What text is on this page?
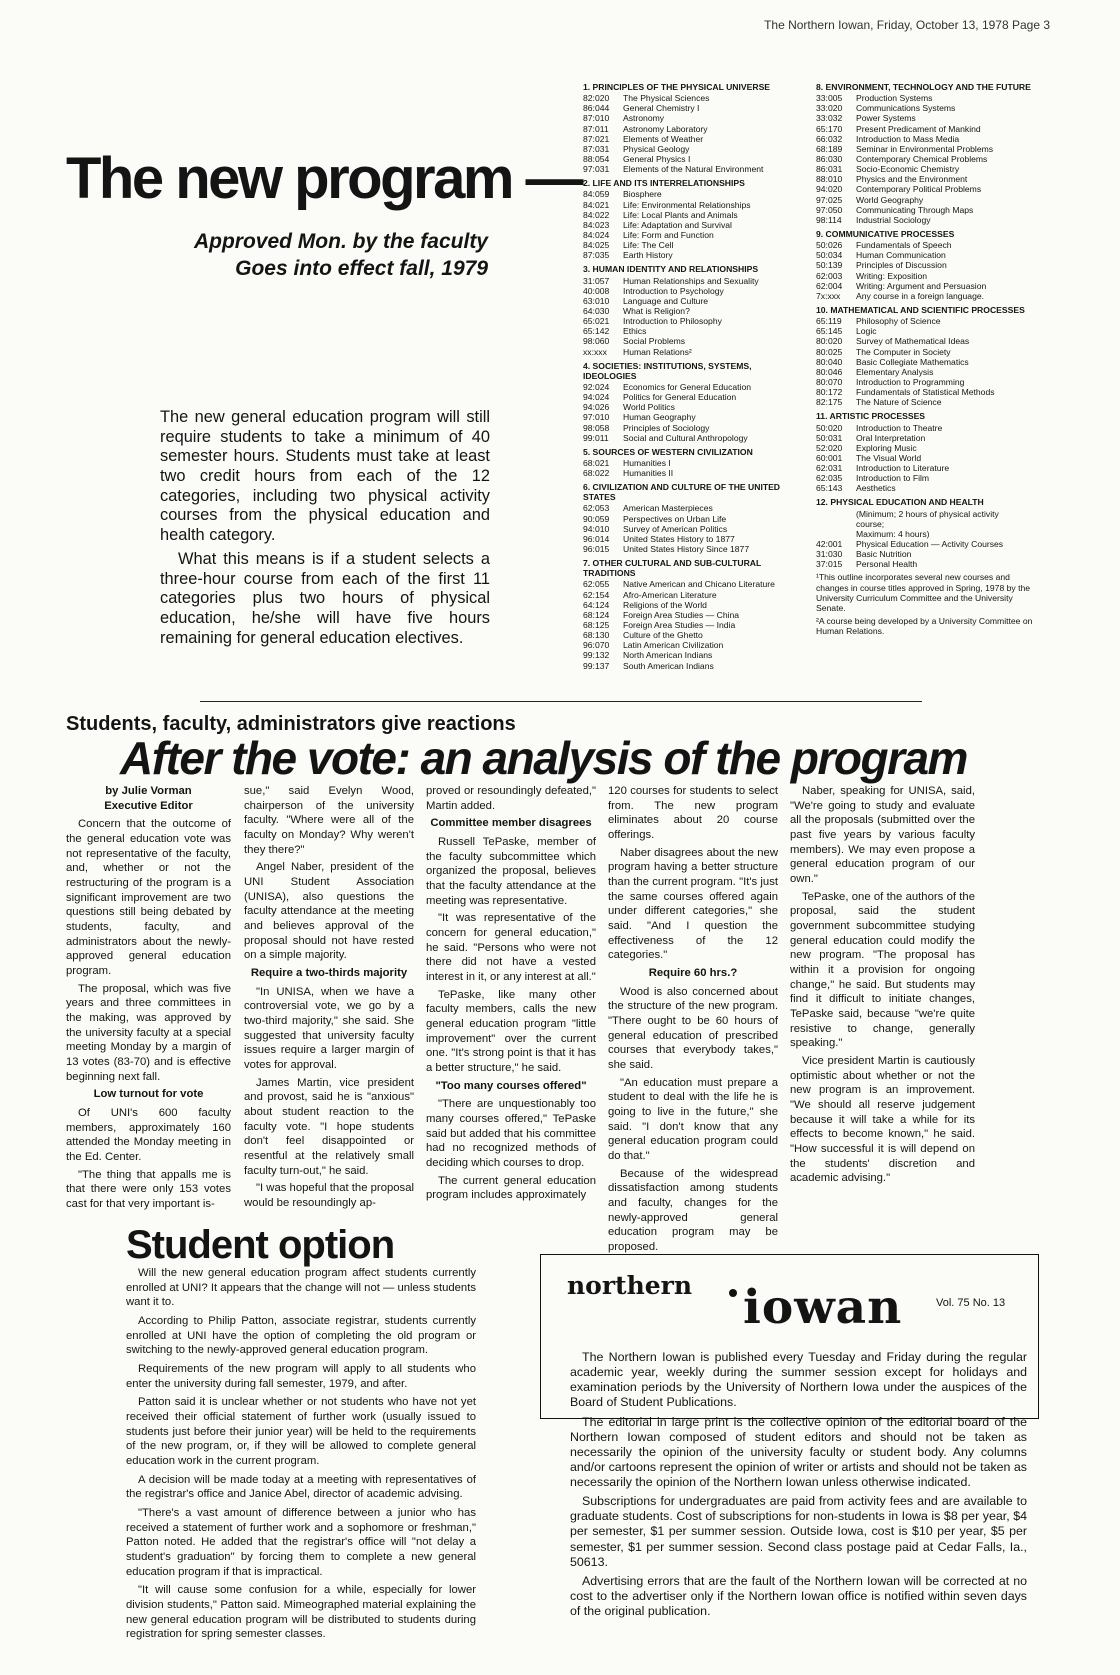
The Northern Iowan, Friday, October 13, 1978 Page 3
The new program —
Approved Mon. by the faculty
Goes into effect fall, 1979

The new general education program will still require students to take a minimum of 40 semester hours. Students must take at least two credit hours from each of the 12 categories, including two physical activity courses from the physical education and health category.

What this means is if a student selects a three-hour course from each of the first 11 categories plus two hours of physical education, he/she will have five hours remaining for general education electives.

1. PRINCIPLES OF THE PHYSICAL UNIVERSE
82:020	The Physical Sciences
86:044	General Chemistry I
87:010	Astronomy
87:011	Astronomy Laboratory
87:021	Elements of Weather
87:031	Physical Geology
88:054	General Physics I
97:031	Elements of the Natural Environment
2. LIFE AND ITS INTERRELATIONSHIPS
84:059	Biosphere
84:021	Life: Environmental Relationships
84:022	Life: Local Plants and Animals
84:023	Life: Adaptation and Survival
84:024	Life: Form and Function
84:025	Life: The Cell
87:035	Earth History
3. HUMAN IDENTITY AND RELATIONSHIPS
31:057	Human Relationships and Sexuality
40:008	Introduction to Psychology
63:010	Language and Culture
64:030	What is Religion?
65:021	Introduction to Philosophy
65:142	Ethics
98:060	Social Problems
xx:xxx	Human Relations²
4. SOCIETIES: INSTITUTIONS, SYSTEMS, IDEOLOGIES
92:024	Economics for General Education
94:024	Politics for General Education
94:026	World Politics
97:010	Human Geography
98:058	Principles of Sociology
99:011	Social and Cultural Anthropology
5. SOURCES OF WESTERN CIVILIZATION
68:021	Humanities I
68:022	Humanities II
6. CIVILIZATION AND CULTURE OF THE UNITED STATES
62:053	American Masterpieces
90:059	Perspectives on Urban Life
94:010	Survey of American Politics
96:014	United States History to 1877
96:015	United States History Since 1877
7. OTHER CULTURAL AND SUB-CULTURAL TRADITIONS
62:055	Native American and Chicano Literature
62:154	Afro-American Literature
64:124	Religions of the World
68:124	Foreign Area Studies — China
68:125	Foreign Area Studies — India
68:130	Culture of the Ghetto
96:070	Latin American Civilization
99:132	North American Indians
99:137	South American Indians
8. ENVIRONMENT, TECHNOLOGY AND THE FUTURE
33:005	Production Systems
33:020	Communications Systems
33:032	Power Systems
65:170	Present Predicament of Mankind
66:032	Introduction to Mass Media
68:189	Seminar in Environmental Problems
86:030	Contemporary Chemical Problems
86:031	Socio-Economic Chemistry
88:010	Physics and the Environment
94:020	Contemporary Political Problems
97:025	World Geography
97:050	Communicating Through Maps
98:114	Industrial Sociology
9. COMMUNICATIVE PROCESSES
50:026	Fundamentals of Speech
50:034	Human Communication
50:139	Principles of Discussion
62:003	Writing: Exposition
62:004	Writing: Argument and Persuasion
7x:xxx	Any course in a foreign language.
10. MATHEMATICAL AND SCIENTIFIC PROCESSES
65:119	Philosophy of Science
65:145	Logic
80:020	Survey of Mathematical Ideas
80:025	The Computer in Society
80:040	Basic Collegiate Mathematics
80:046	Elementary Analysis
80:070	Introduction to Programming
80:172	Fundamentals of Statistical Methods
82:175	The Nature of Science
11. ARTISTIC PROCESSES
50:020	Introduction to Theatre
50:031	Oral Interpretation
52:020	Exploring Music
60:001	The Visual World
62:031	Introduction to Literature
62:035	Introduction to Film
65:143	Aesthetics
12. PHYSICAL EDUCATION AND HEALTH
(Minimum; 2 hours of physical activity
course;
Maximum: 4 hours)
42:001	Physical Education — Activity Courses
31:030	Basic Nutrition
37:015	Personal Health
¹This outline incorporates several new courses and changes in course titles approved in Spring, 1978 by the University Curriculum Committee and the University Senate.
²A course being developed by a University Committee on Human Relations.
Students, faculty, administrators give reactions
After the vote: an analysis of the program

by Julie Vorman

Executive Editor

Concern that the outcome of the general education vote was not representative of the faculty, and, whether or not the restructuring of the program is a significant improvement are two questions still being debated by students, faculty, and administrators about the newly-approved general education program.

The proposal, which was five years and three committees in the making, was approved by the university faculty at a special meeting Monday by a margin of 13 votes (83-70) and is effective beginning next fall.

Low turnout for vote

Of UNI's 600 faculty members, approximately 160 attended the Monday meeting in the Ed. Center.

"The thing that appalls me is that there were only 153 votes cast for that very important is-

sue," said Evelyn Wood, chairperson of the university faculty. "Where were all of the faculty on Monday? Why weren't they there?"

Angel Naber, president of the UNI Student Association (UNISA), also questions the faculty attendance at the meeting and believes approval of the proposal should not have rested on a simple majority.

Require a two-thirds majority

"In UNISA, when we have a controversial vote, we go by a two-third majority," she said. She suggested that university faculty issues require a larger margin of votes for approval.

James Martin, vice president and provost, said he is "anxious" about student reaction to the faculty vote. "I hope students don't feel disappointed or resentful at the relatively small faculty turn-out," he said.

"I was hopeful that the proposal would be resoundingly ap-

proved or resoundingly defeated," Martin added.

Committee member disagrees

Russell TePaske, member of the faculty subcommittee which organized the proposal, believes that the faculty attendance at the meeting was representative.

"It was representative of the concern for general education," he said. "Persons who were not there did not have a vested interest in it, or any interest at all."

TePaske, like many other faculty members, calls the new general education program "little improvement" over the current one. "It's strong point is that it has a better structure," he said.

"Too many courses offered"

"There are unquestionably too many courses offered," TePaske said but added that his committee had no recognized methods of deciding which courses to drop.

The current general education program includes approximately

120 courses for students to select from. The new program eliminates about 20 course offerings.

Naber disagrees about the new program having a better structure than the current program. "It's just the same courses offered again under different categories," she said. "And I question the effectiveness of the 12 categories."

Require 60 hrs.?

Wood is also concerned about the structure of the new program. "There ought to be 60 hours of general education of prescribed courses that everybody takes," she said.

"An education must prepare a student to deal with the life he is going to live in the future," she said. "I don't know that any general education program could do that."

Because of the widespread dissatisfaction among students and faculty, changes for the newly-approved general education program may be proposed.

Naber, speaking for UNISA, said, "We're going to study and evaluate all the proposals (submitted over the past five years by various faculty members). We may even propose a general education program of our own."

TePaske, one of the authors of the proposal, said the student government subcommittee studying general education could modify the new program. "The proposal has within it a provision for ongoing change," he said. But students may find it difficult to initiate changes, TePaske said, because "we're quite resistive to change, generally speaking."

Vice president Martin is cautiously optimistic about whether or not the new program is an improvement. "We should all reserve judgement because it will take a while for its effects to become known," he said. "How successful it is will depend on the students' discretion and academic advising."

Student option

Will the new general education program affect students currently enrolled at UNI? It appears that the change will not — unless students want it to.

According to Philip Patton, associate registrar, students currently enrolled at UNI have the option of completing the old program or switching to the newly-approved general education program.

Requirements of the new program will apply to all students who enter the university during fall semester, 1979, and after.

Patton said it is unclear whether or not students who have not yet received their official statement of further work (usually issued to students just before their junior year) will be held to the requirements of the new program, or, if they will be allowed to complete general education work in the current program.

A decision will be made today at a meeting with representatives of the registrar's office and Janice Abel, director of academic advising.

"There's a vast amount of difference between a junior who has received a statement of further work and a sophomore or freshman," Patton noted. He added that the registrar's office will "not delay a student's graduation" by forcing them to complete a new general education program if that is impractical.

"It will cause some confusion for a while, especially for lower division students," Patton said. Mimeographed material explaining the new general education program will be distributed to students during registration for spring semester classes.

northern iowan	Vol. 75 No. 13

The Northern Iowan is published every Tuesday and Friday during the regular academic year, weekly during the summer session except for holidays and examination periods by the University of Northern Iowa under the auspices of the Board of Student Publications.

The editorial in large print is the collective opinion of the editorial board of the Northern Iowan composed of student editors and should not be taken as necessarily the opinion of the university faculty or student body. Any columns and/or cartoons represent the opinion of writer or artists and should not be taken as necessarily the opinion of the Northern Iowan unless otherwise indicated.

Subscriptions for undergraduates are paid from activity fees and are available to graduate students. Cost of subscriptions for non-students in Iowa is $8 per year, $4 per semester, $1 per summer session. Outside Iowa, cost is $10 per year, $5 per semester, $1 per summer session. Second class postage paid at Cedar Falls, Ia., 50613.

Advertising errors that are the fault of the Northern Iowan will be corrected at no cost to the advertiser only if the Northern Iowan office is notified within seven days of the original publication.
